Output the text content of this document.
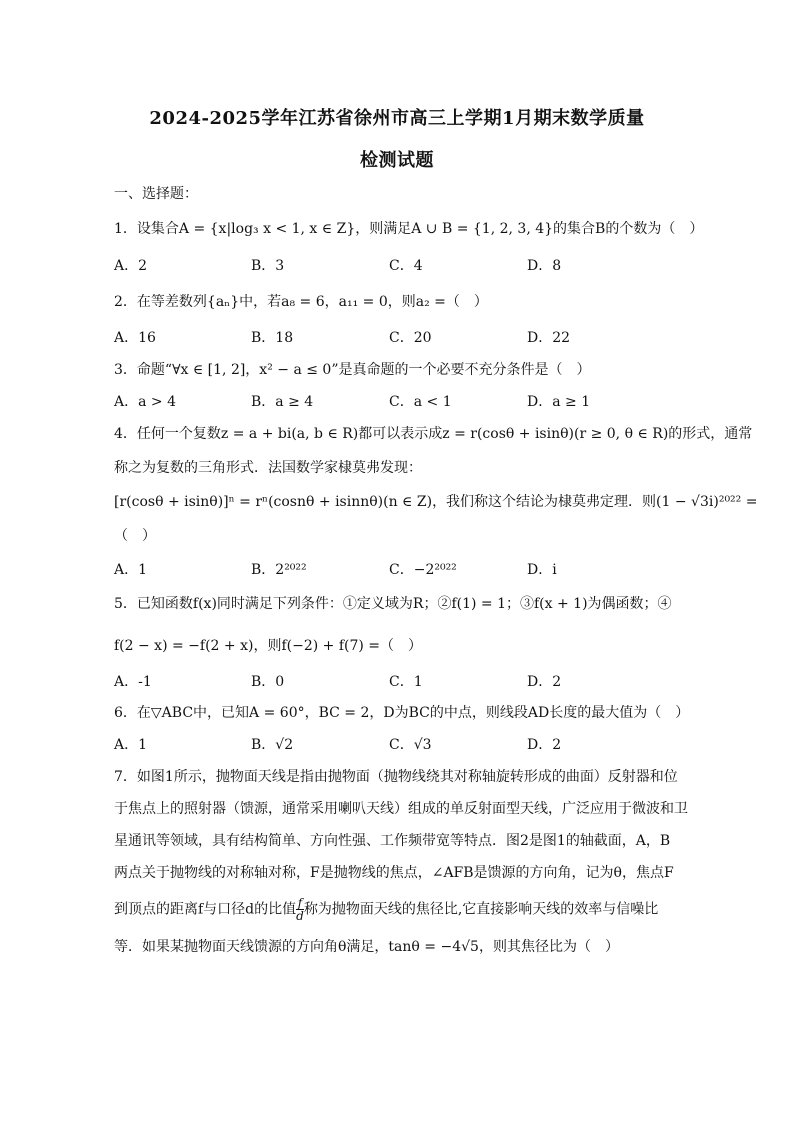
2024-2025学年江苏省徐州市高三上学期1月期末数学质量
检测试题
一、选择题：
1．设集合A = {x|log₃ x < 1, x ∈ Z}，则满足A ∪ B = {1, 2, 3, 4}的集合B的个数为（　）
A．2	B．3	C．4	D．8
2．在等差数列{aₙ}中，若a₈ = 6，a₁₁ = 0，则a₂ =（　）
A．16	B．18	C．20	D．22
3．命题“∀x ∈ [1, 2]，x² − a ≤ 0”是真命题的一个必要不充分条件是（　）
A．a > 4	B．a ≥ 4	C．a < 1	D．a ≥ 1
4．任何一个复数z = a + bi(a, b ∈ R)都可以表示成z = r(cosθ + isinθ)(r ≥ 0, θ ∈ R)的形式，通常
称之为复数的三角形式．法国数学家棣莫弗发现：
[r(cosθ + isinθ)]ⁿ = rⁿ(cosnθ + isinnθ)(n ∈ Z)，我们称这个结论为棣莫弗定理．则(1 − √3i)²⁰²² =
（　）
A．1	B．2²⁰²²	C．−2²⁰²²	D．i
5．已知函数f(x)同时满足下列条件：①定义域为R；②f(1) = 1；③f(x + 1)为偶函数；④
f(2 − x) = −f(2 + x)，则f(−2) + f(7) =（　）
A．-1	B．0	C．1	D．2
6．在▽ABC中，已知A = 60°，BC = 2，D为BC的中点，则线段AD长度的最大值为（　）
A．1	B．√2	C．√3	D．2
7．如图1所示，抛物面天线是指由抛物面（抛物线绕其对称轴旋转形成的曲面）反射器和位
于焦点上的照射器（馈源，通常采用喇叭天线）组成的单反射面型天线，广泛应用于微波和卫
星通讯等领域，具有结构简单、方向性强、工作频带宽等特点．图2是图1的轴截面，A，B
两点关于抛物线的对称轴对称，F是抛物线的焦点，∠AFB是馈源的方向角，记为θ，焦点F
到顶点的距离f与口径d的比值 $\frac{f}{d}$ 称为抛物面天线的焦径比,它直接影响天线的效率与信噪比
等．如果某抛物面天线馈源的方向角θ满足，tanθ = −4√5，则其焦径比为（　）
